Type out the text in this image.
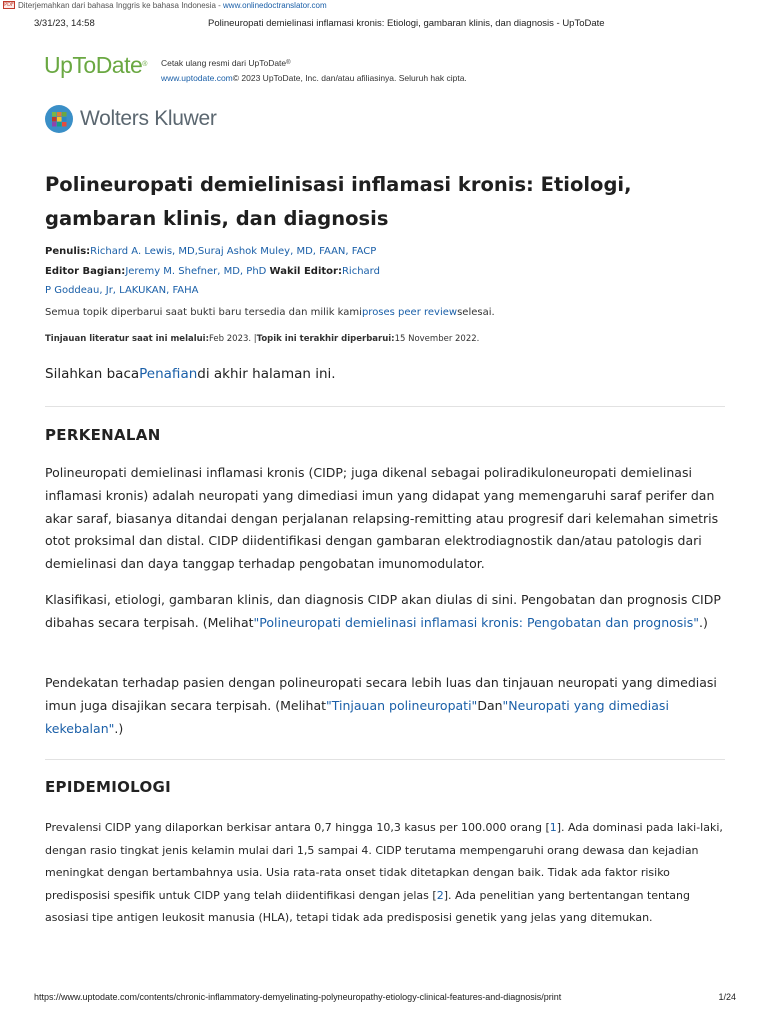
PDF Diterjemahkan dari bahasa Inggris ke bahasa Indonesia - www.onlinedoctranslator.com
3/31/23, 14:58	Polineuropati demielinasi inflamasi kronis: Etiologi, gambaran klinis, dan diagnosis - UpToDate
UpToDate® Cetak ulang resmi dari UpToDate®
www.uptodate.com© 2023 UpToDate, Inc. dan/atau afiliasinya. Seluruh hak cipta.
Wolters Kluwer
Polineuropati demielinisasi inflamasi kronis: Etiologi, gambaran klinis, dan diagnosis
Penulis:Richard A. Lewis, MD,Suraj Ashok Muley, MD, FAAN, FACP
Editor Bagian:Jeremy M. Shefner, MD, PhD Wakil Editor:Richard P Goddeau, Jr, LAKUKAN, FAHA
Semua topik diperbarui saat bukti baru tersedia dan milik kamiproses peer reviewselesai.
Tinjauan literatur saat ini melalui:Feb 2023. |Topik ini terakhir diperbarui:15 November 2022.
Silahkan bacaPenafiandi akhir halaman ini.
PERKENALAN

Polineuropati demielinasi inflamasi kronis (CIDP; juga dikenal sebagai poliradikuloneuropati demielinasi inflamasi kronis) adalah neuropati yang dimediasi imun yang didapat yang memengaruhi saraf perifer dan akar saraf, biasanya ditandai dengan perjalanan relapsing-remitting atau progresif dari kelemahan simetris otot proksimal dan distal. CIDP diidentifikasi dengan gambaran elektrodiagnostik dan/atau patologis dari demielinasi dan daya tanggap terhadap pengobatan imunomodulator.

Klasifikasi, etiologi, gambaran klinis, dan diagnosis CIDP akan diulas di sini. Pengobatan dan prognosis CIDP dibahas secara terpisah. (Melihat"Polineuropati demielinasi inflamasi kronis: Pengobatan dan prognosis".)

Pendekatan terhadap pasien dengan polineuropati secara lebih luas dan tinjauan neuropati yang dimediasi imun juga disajikan secara terpisah. (Melihat"Tinjauan polineuropati"Dan"Neuropati yang dimediasi kekebalan".)

EPIDEMIOLOGI

Prevalensi CIDP yang dilaporkan berkisar antara 0,7 hingga 10,3 kasus per 100.000 orang [1]. Ada dominasi pada laki-laki, dengan rasio tingkat jenis kelamin mulai dari 1,5 sampai 4. CIDP terutama mempengaruhi orang dewasa dan kejadian meningkat dengan bertambahnya usia. Usia rata-rata onset tidak ditetapkan dengan baik. Tidak ada faktor risiko predisposisi spesifik untuk CIDP yang telah diidentifikasi dengan jelas [2]. Ada penelitian yang bertentangan tentang asosiasi tipe antigen leukosit manusia (HLA), tetapi tidak ada predisposisi genetik yang jelas yang ditemukan.

https://www.uptodate.com/contents/chronic-inflammatory-demyelinating-polyneuropathy-etiology-clinical-features-and-diagnosis/print	1/24
